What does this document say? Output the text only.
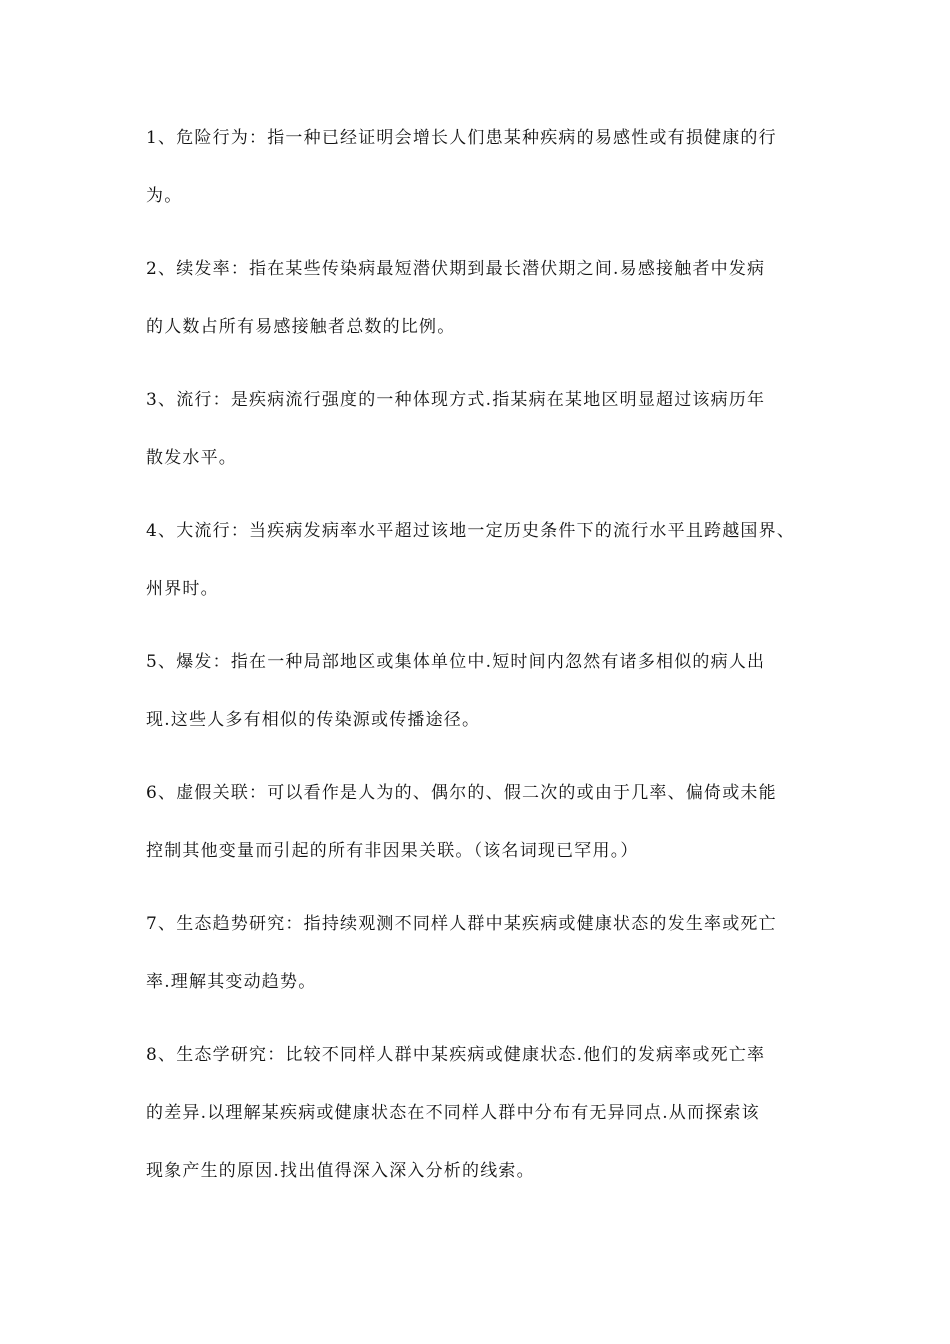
1、危险行为：指一种已经证明会增长人们患某种疾病的易感性或有损健康的行
为。
2、续发率：指在某些传染病最短潜伏期到最长潜伏期之间.易感接触者中发病
的人数占所有易感接触者总数的比例。
3、流行：是疾病流行强度的一种体现方式.指某病在某地区明显超过该病历年
散发水平。
4、大流行：当疾病发病率水平超过该地一定历史条件下的流行水平且跨越国界、
州界时。
5、爆发：指在一种局部地区或集体单位中.短时间内忽然有诸多相似的病人出
现.这些人多有相似的传染源或传播途径。
6、虚假关联：可以看作是人为的、偶尔的、假二次的或由于几率、偏倚或未能
控制其他变量而引起的所有非因果关联。（该名词现已罕用。）
7、生态趋势研究：指持续观测不同样人群中某疾病或健康状态的发生率或死亡
率.理解其变动趋势。
8、生态学研究：比较不同样人群中某疾病或健康状态.他们的发病率或死亡率
的差异.以理解某疾病或健康状态在不同样人群中分布有无异同点.从而探索该
现象产生的原因.找出值得深入深入分析的线索。
